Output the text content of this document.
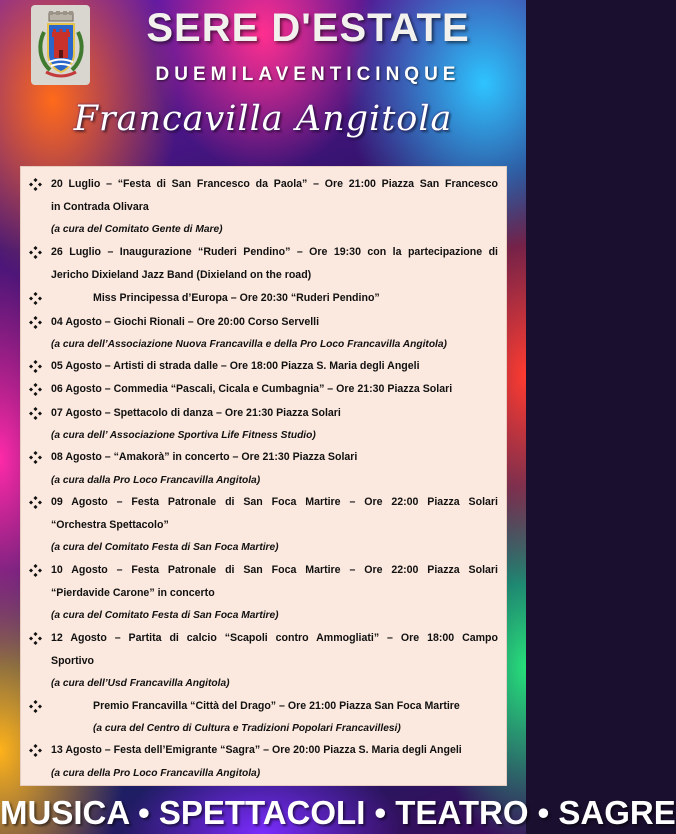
SERE D'ESTATE
DUEMILAVENTICINQUE
Francavilla Angitola
20 Luglio – “Festa di San Francesco da Paola” – Ore 21:00 Piazza San Francesco
in Contrada Olivara
(a cura del Comitato Gente di Mare)
26 Luglio – Inaugurazione “Ruderi Pendino” – Ore 19:30 con la partecipazione di
Jericho Dixieland Jazz Band (Dixieland on the road)
Miss Principessa d’Europa – Ore 20:30 “Ruderi Pendino”
04 Agosto – Giochi Rionali – Ore 20:00 Corso Servelli
(a cura dell’Associazione Nuova Francavilla e della Pro Loco Francavilla Angitola)
05 Agosto – Artisti di strada dalle – Ore 18:00 Piazza S. Maria degli Angeli
06 Agosto – Commedia “Pascali, Cicala e Cumbagnia” – Ore 21:30 Piazza Solari
07 Agosto – Spettacolo di danza – Ore 21:30 Piazza Solari
(a cura dell’ Associazione Sportiva Life Fitness Studio)
08 Agosto – “Amakorà” in concerto – Ore 21:30 Piazza Solari
(a cura dalla Pro Loco Francavilla Angitola)
09 Agosto – Festa Patronale di San Foca Martire – Ore 22:00 Piazza Solari
“Orchestra Spettacolo”
(a cura del Comitato Festa di San Foca Martire)
10 Agosto – Festa Patronale di San Foca Martire – Ore 22:00 Piazza Solari
“Pierdavide Carone” in concerto
(a cura del Comitato Festa di San Foca Martire)
12 Agosto – Partita di calcio “Scapoli contro Ammogliati” – Ore 18:00 Campo
Sportivo
(a cura dell’Usd Francavilla Angitola)
Premio Francavilla “Città del Drago” – Ore 21:00 Piazza San Foca Martire
(a cura del Centro di Cultura e Tradizioni Popolari Francavillesi)
13 Agosto – Festa dell’Emigrante “Sagra” – Ore 20:00 Piazza S. Maria degli Angeli
(a cura della Pro Loco Francavilla Angitola)
MUSICA • SPETTACOLI • TEATRO • SAGRE
